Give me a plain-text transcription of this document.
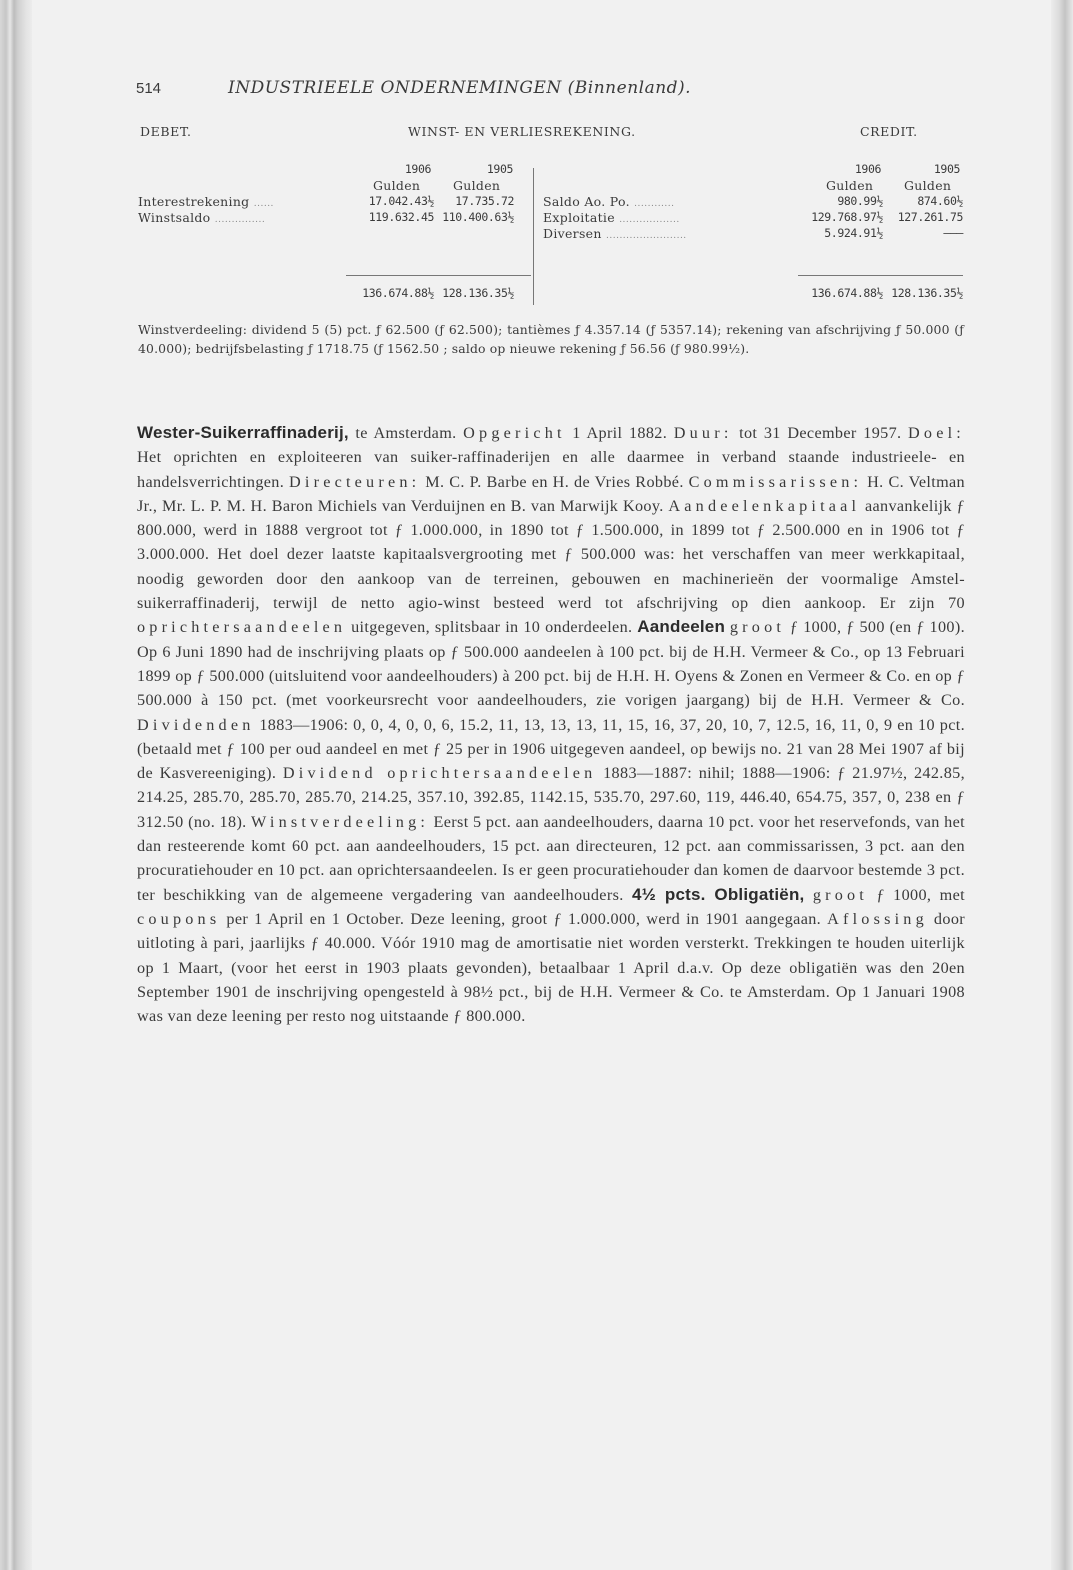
514	INDUSTRIEELE ONDERNEMINGEN (Binnenland).
DEBET.	WINST- EN VERLIESREKENING.	CREDIT.
1906	1905
Gulden	Gulden
Interestrekening ......	17.042.43½	17.735.72
Winstsaldo ...............	119.632.45 110.400.63½
136.674.88½ 128.136.35½
1906	1905
Gulden Gulden
Saldo Ao. Po. ............	980.99½	874.60½
Exploitatie ..................	129.768.97½	127.261.75
Diversen ........................	5.924.91½	———
136.674.88½ 128.136.35½

Winstverdeeling: dividend 5 (5) pct. ƒ 62.500 (ƒ 62.500); tantièmes ƒ 4.357.14 (ƒ 5357.14); rekening van afschrijving ƒ 50.000 (ƒ 40.000); bedrijfsbelasting ƒ 1718.75 (ƒ 1562.50 ; saldo op nieuwe rekening ƒ 56.56 (ƒ 980.99½).

Wester-Suikerraffinaderij, te Amsterdam. Opgericht 1 April 1882. Duur: tot 31 December 1957. Doel: Het oprichten en exploiteeren van suiker-raffinaderijen en alle daarmee in verband staande industrieele- en handelsverrichtingen. Directeuren: M. C. P. Barbe en H. de Vries Robbé. Commissarissen: H. C. Veltman Jr., Mr. L. P. M. H. Baron Michiels van Verduijnen en B. van Marwijk Kooy. Aandeelenkapitaal aanvankelijk ƒ 800.000, werd in 1888 vergroot tot ƒ 1.000.000, in 1890 tot ƒ 1.500.000, in 1899 tot ƒ 2.500.000 en in 1906 tot ƒ 3.000.000. Het doel dezer laatste kapitaalsvergrooting met ƒ 500.000 was: het verschaffen van meer werkkapitaal, noodig geworden door den aankoop van de terreinen, gebouwen en machinerieën der voormalige Amstel-suikerraffinaderij, terwijl de netto agio-winst besteed werd tot afschrijving op dien aankoop. Er zijn 70 oprichtersaandeelen uitgegeven, splitsbaar in 10 onderdeelen. Aandeelen groot ƒ 1000, ƒ 500 (en ƒ 100). Op 6 Juni 1890 had de inschrijving plaats op ƒ 500.000 aandeelen à 100 pct. bij de H.H. Vermeer & Co., op 13 Februari 1899 op ƒ 500.000 (uitsluitend voor aandeelhouders) à 200 pct. bij de H.H. H. Oyens & Zonen en Vermeer & Co. en op ƒ 500.000 à 150 pct. (met voorkeursrecht voor aandeelhouders, zie vorigen jaargang) bij de H.H. Vermeer & Co. Dividenden 1883—1906: 0, 0, 4, 0, 0, 6, 15.2, 11, 13, 13, 13, 11, 15, 16, 37, 20, 10, 7, 12.5, 16, 11, 0, 9 en 10 pct. (betaald met ƒ 100 per oud aandeel en met ƒ 25 per in 1906 uitgegeven aandeel, op bewijs no. 21 van 28 Mei 1907 af bij de Kasvereeniging). Dividend oprichtersaandeelen 1883—1887: nihil; 1888—1906: ƒ 21.97½, 242.85, 214.25, 285.70, 285.70, 285.70, 214.25, 357.10, 392.85, 1142.15, 535.70, 297.60, 119, 446.40, 654.75, 357, 0, 238 en ƒ 312.50 (no. 18). Winstverdeeling: Eerst 5 pct. aan aandeelhouders, daarna 10 pct. voor het reservefonds, van het dan resteerende komt 60 pct. aan aandeelhouders, 15 pct. aan directeuren, 12 pct. aan commissarissen, 3 pct. aan den procuratiehouder en 10 pct. aan oprichtersaandeelen. Is er geen procuratiehouder dan komen de daarvoor bestemde 3 pct. ter beschikking van de algemeene vergadering van aandeelhouders. 4½ pcts. Obligatiën, groot ƒ 1000, met coupons per 1 April en 1 October. Deze leening, groot ƒ 1.000.000, werd in 1901 aangegaan. Aflossing door uitloting à pari, jaarlijks ƒ 40.000. Vóór 1910 mag de amortisatie niet worden versterkt. Trekkingen te houden uiterlijk op 1 Maart, (voor het eerst in 1903 plaats gevonden), betaalbaar 1 April d.a.v. Op deze obligatiën was den 20en September 1901 de inschrijving opengesteld à 98½ pct., bij de H.H. Vermeer & Co. te Amsterdam. Op 1 Januari 1908 was van deze leening per resto nog uitstaande ƒ 800.000.
